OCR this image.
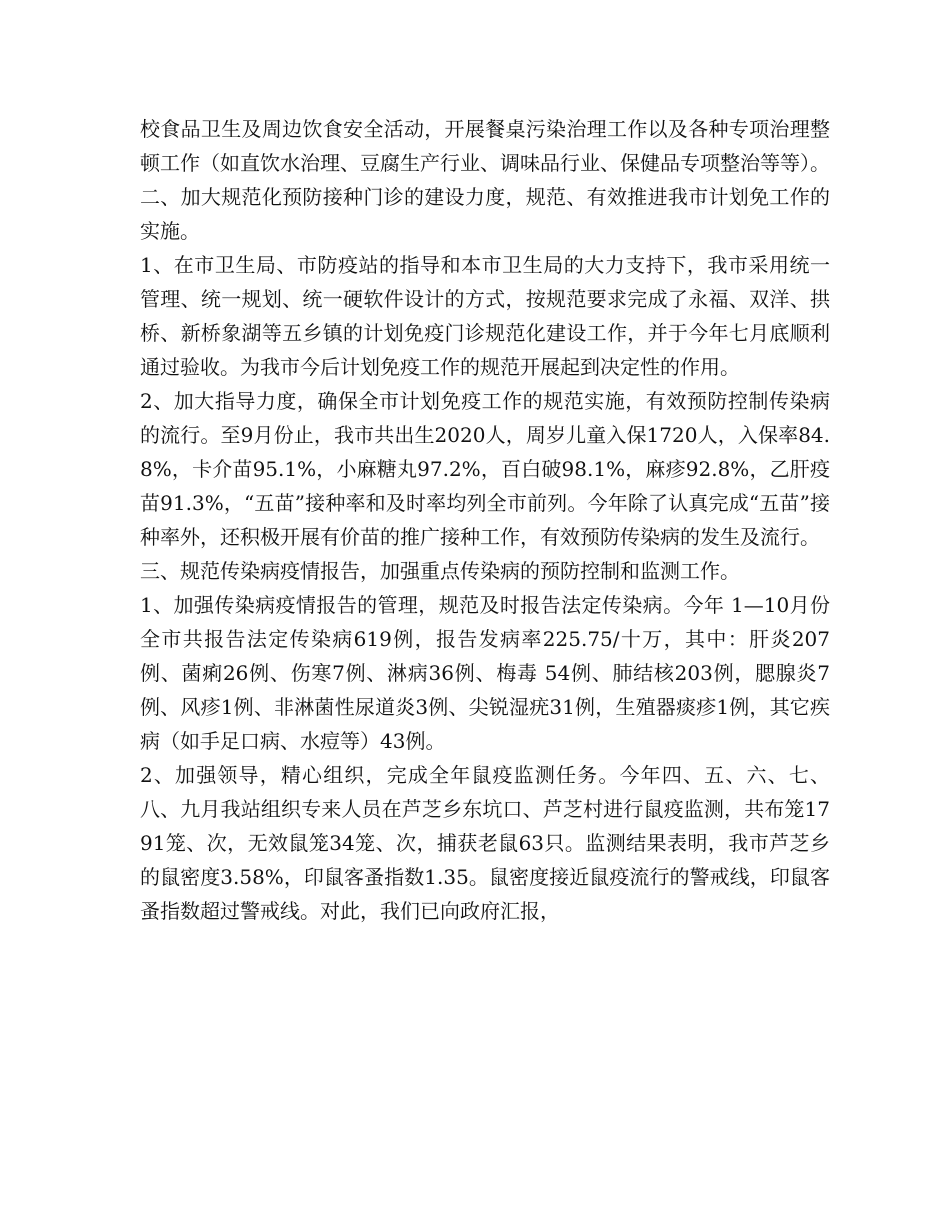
校食品卫生及周边饮食安全活动，开展餐桌污染治理工作以及各种专项治理整顿工作（如直饮水治理、豆腐生产行业、调味品行业、保健品专项整治等等）。

二、加大规范化预防接种门诊的建设力度，规范、有效推进我市计划免工作的实施。

1、在市卫生局、市防疫站的指导和本市卫生局的大力支持下，我市采用统一管理、统一规划、统一硬软件设计的方式，按规范要求完成了永福、双洋、拱桥、新桥象湖等五乡镇的计划免疫门诊规范化建设工作，并于今年七月底顺利通过验收。为我市今后计划免疫工作的规范开展起到决定性的作用。

2、加大指导力度，确保全市计划免疫工作的规范实施，有效预防控制传染病的流行。至9月份止，我市共出生2020人，周岁儿童入保1720人，入保率84.8%，卡介苗95.1%，小麻糖丸97.2%，百白破98.1%，麻疹92.8%，乙肝疫苗91.3%，“五苗”接种率和及时率均列全市前列。今年除了认真完成“五苗”接种率外，还积极开展有价苗的推广接种工作，有效预防传染病的发生及流行。

三、规范传染病疫情报告，加强重点传染病的预防控制和监测工作。

1、加强传染病疫情报告的管理，规范及时报告法定传染病。今年 1—10月份全市共报告法定传染病619例，报告发病率225.75/十万，其中：肝炎207例、菌痢26例、伤寒7例、淋病36例、梅毒 54例、肺结核203例，腮腺炎7例、风疹1例、非淋菌性尿道炎3例、尖锐湿疣31例，生殖器痰疹1例，其它疾病（如手足口病、水痘等）43例。

2、加强领导，精心组织，完成全年鼠疫监测任务。今年四、五、六、七、八、九月我站组织专来人员在芦芝乡东坑口、芦芝村进行鼠疫监测，共布笼1791笼、次，无效鼠笼34笼、次，捕获老鼠63只。监测结果表明，我市芦芝乡的鼠密度3.58%，印鼠客蚤指数1.35。鼠密度接近鼠疫流行的警戒线，印鼠客蚤指数超过警戒线。对此，我们已向政府汇报，
